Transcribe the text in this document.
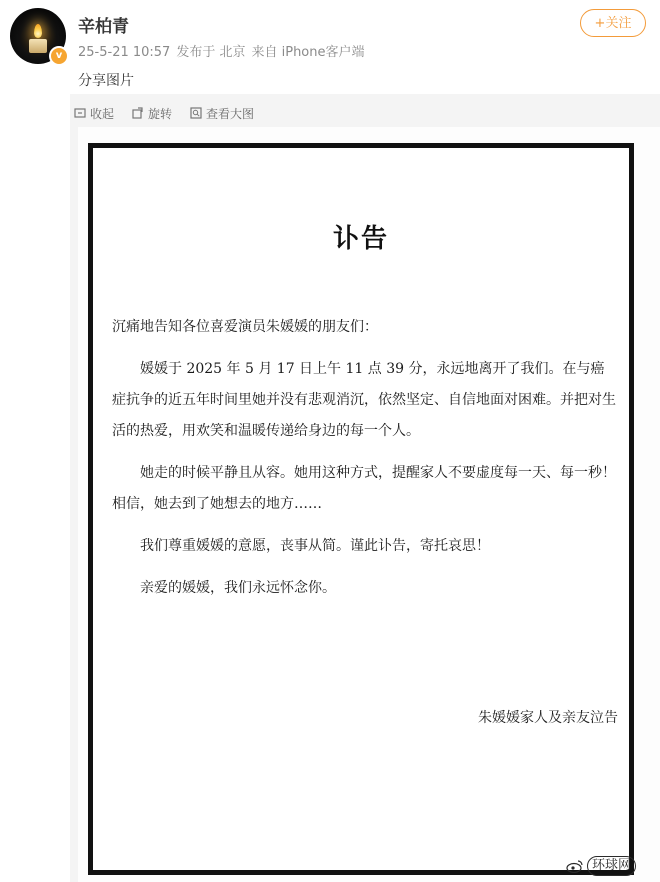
v
辛柏青
25-5-21 10:57 发布于 北京 来自 iPhone客户端
+关注
分享图片
收起	旋转	查看大图
讣告

沉痛地告知各位喜爱演员朱媛媛的朋友们：

媛媛于 2025 年 5 月 17 日上午 11 点 39 分，永远地离开了我们。在与癌症抗争的近五年时间里她并没有悲观消沉，依然坚定、自信地面对困难。并把对生活的热爱，用欢笑和温暖传递给身边的每一个人。

她走的时候平静且从容。她用这种方式，提醒家人不要虚度每一天、每一秒！相信，她去到了她想去的地方……

我们尊重媛媛的意愿，丧事从简。谨此讣告，寄托哀思！

亲爱的媛媛，我们永远怀念你。

朱媛媛家人及亲友泣告
环球网
